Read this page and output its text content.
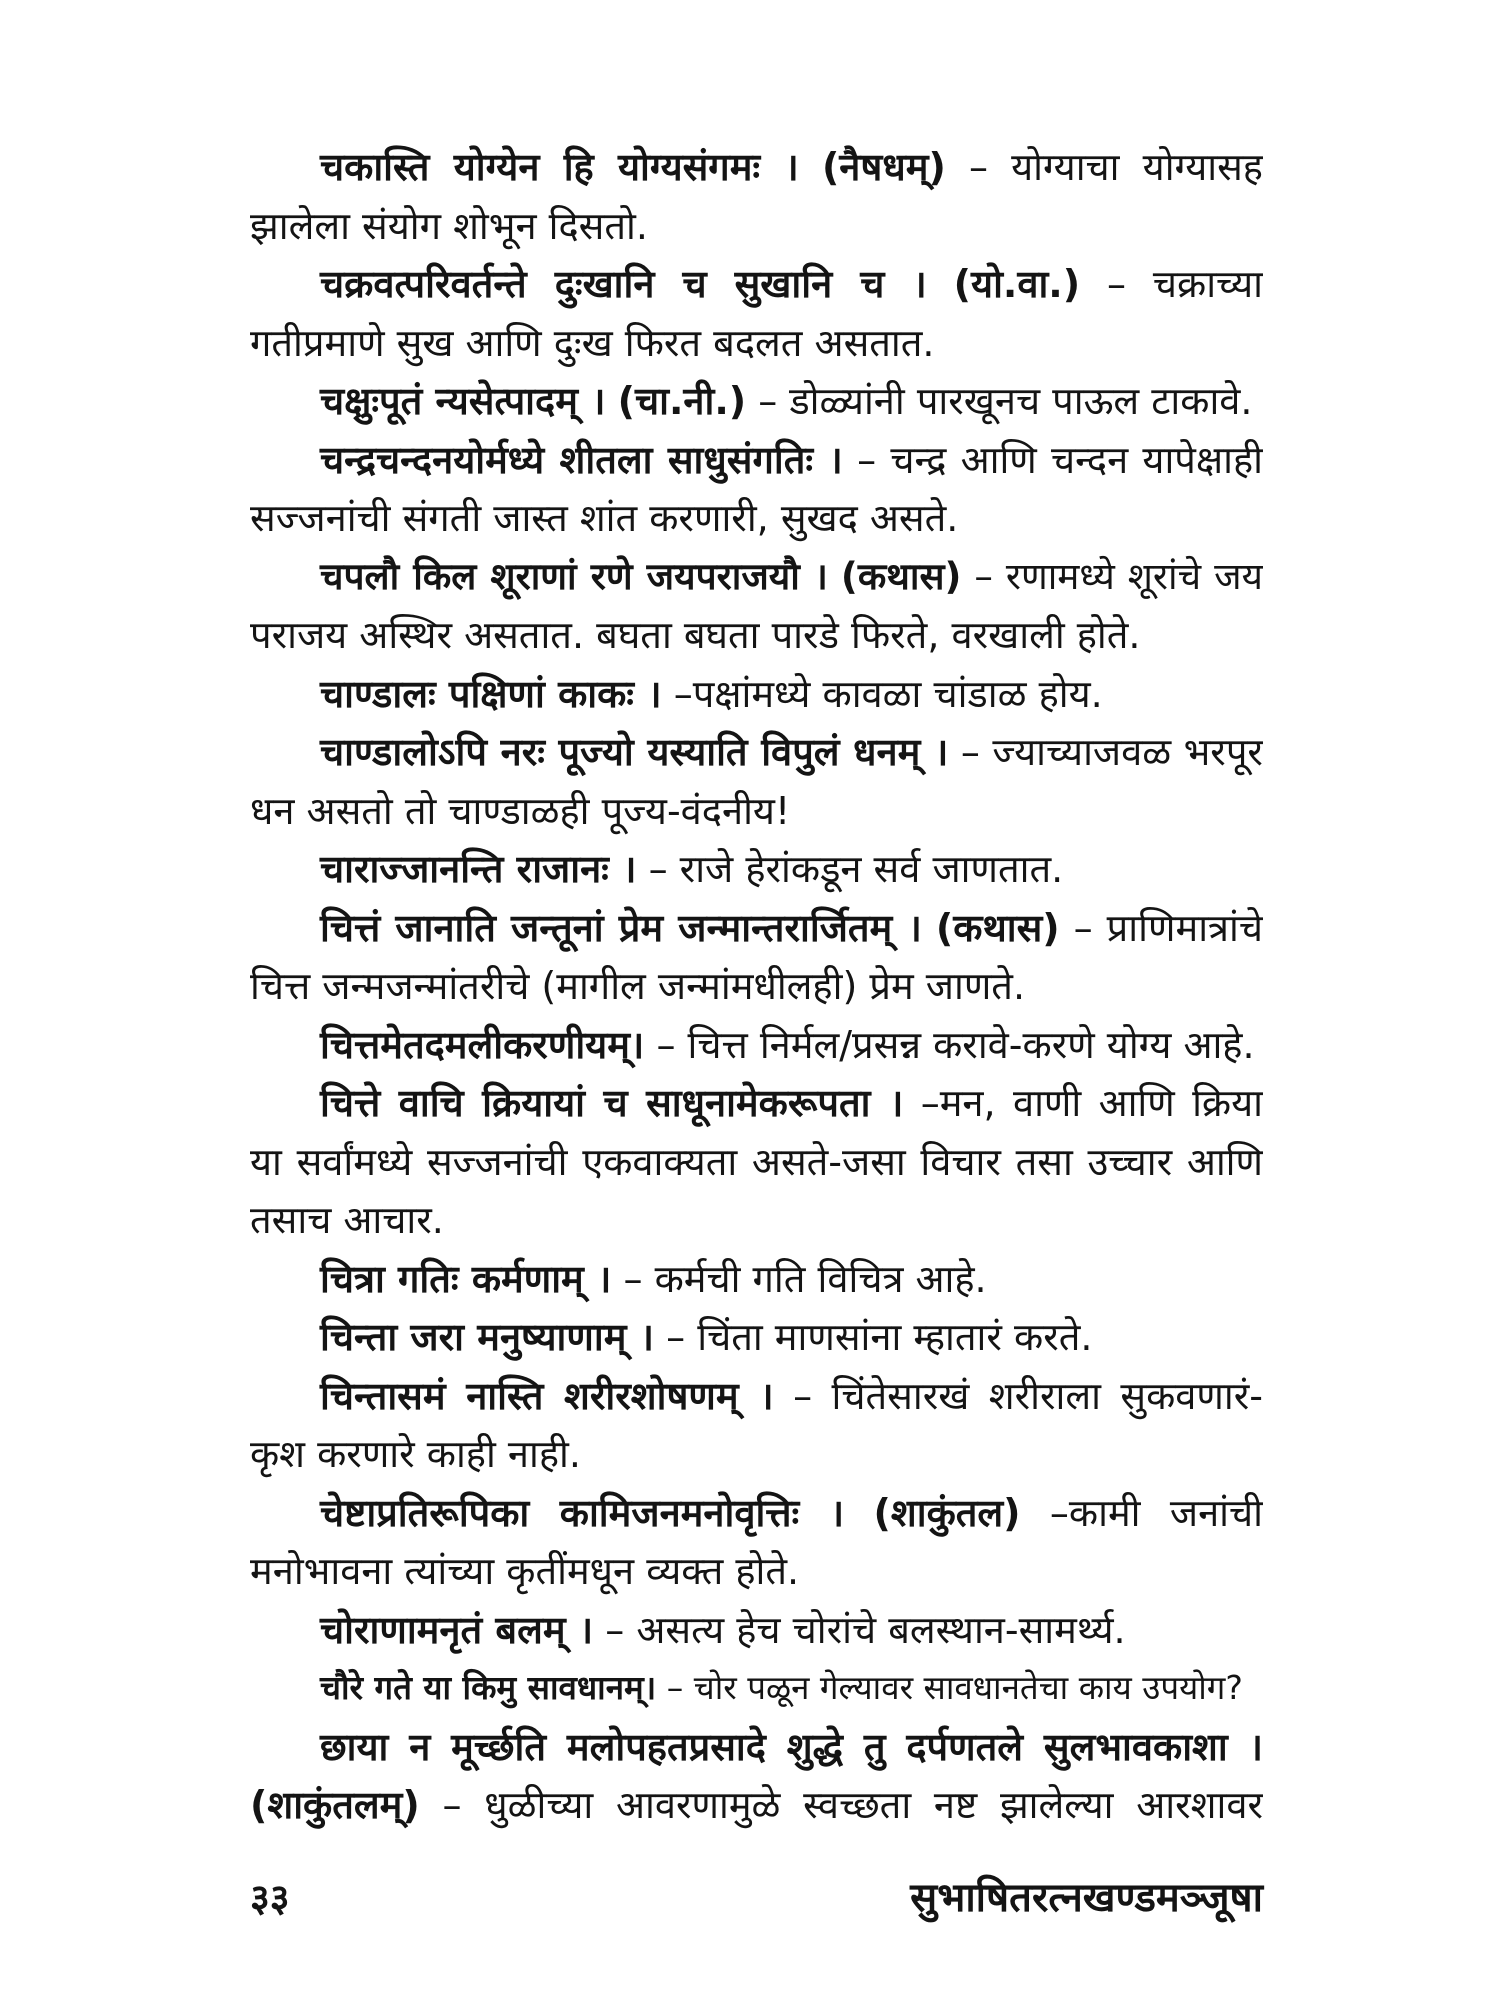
चकास्ति योग्येन हि योग्यसंगमः । (नैषधम्) – योग्याचा योग्यासह
झालेला संयोग शोभून दिसतो.
चक्रवत्परिवर्तन्ते दुःखानि च सुखानि च । (यो.वा.) – चक्राच्या
गतीप्रमाणे सुख आणि दुःख फिरत बदलत असतात.
चक्षुःपूतं न्यसेत्पादम् । (चा.नी.) – डोळ्यांनी पारखूनच पाऊल टाकावे.
चन्द्रचन्दनयोर्मध्ये शीतला साधुसंगतिः । – चन्द्र आणि चन्दन यापेक्षाही
सज्जनांची संगती जास्त शांत करणारी, सुखद असते.
चपलौ किल शूराणां रणे जयपराजयौ । (कथास) – रणामध्ये शूरांचे जय
पराजय अस्थिर असतात. बघता बघता पारडे फिरते, वरखाली होते.
चाण्डालः पक्षिणां काकः । –पक्षांमध्ये कावळा चांडाळ होय.
चाण्डालोऽपि नरः पूज्यो यस्याति विपुलं धनम् । – ज्याच्याजवळ भरपूर
धन असतो तो चाण्डाळही पूज्य-वंदनीय!
चाराज्जानन्ति राजानः । – राजे हेरांकडून सर्व जाणतात.
चित्तं जानाति जन्तूनां प्रेम जन्मान्तरार्जितम् । (कथास) – प्राणिमात्रांचे
चित्त जन्मजन्मांतरीचे (मागील जन्मांमधीलही) प्रेम जाणते.
चित्तमेतदमलीकरणीयम्। – चित्त निर्मल/प्रसन्न करावे-करणे योग्य आहे.
चित्ते वाचि क्रियायां च साधूनामेकरूपता । –मन, वाणी आणि क्रिया
या सर्वांमध्ये सज्जनांची एकवाक्यता असते-जसा विचार तसा उच्चार आणि
तसाच आचार.
चित्रा गतिः कर्मणाम् । – कर्मची गति विचित्र आहे.
चिन्ता जरा मनुष्याणाम् । – चिंता माणसांना म्हातारं करते.
चिन्तासमं नास्ति शरीरशोषणम् । – चिंतेसारखं शरीराला सुकवणारं-
कृश करणारे काही नाही.
चेष्टाप्रतिरूपिका कामिजनमनोवृत्तिः । (शाकुंतल) –कामी जनांची
मनोभावना त्यांच्या कृतींमधून व्यक्त होते.
चोराणामनृतं बलम् । – असत्य हेच चोरांचे बलस्थान-सामर्थ्य.
चौरे गते या किमु सावधानम्। – चोर पळून गेल्यावर सावधानतेचा काय उपयोग?
छाया न मूर्च्छति मलोपहतप्रसादे शुद्धे तु दर्पणतले सुलभावकाशा ।
(शाकुंतलम्) – धुळीच्या आवरणामुळे स्वच्छता नष्ट झालेल्या आरशावर
३३	सुभाषितरत्नखण्डमञ्जूषा
